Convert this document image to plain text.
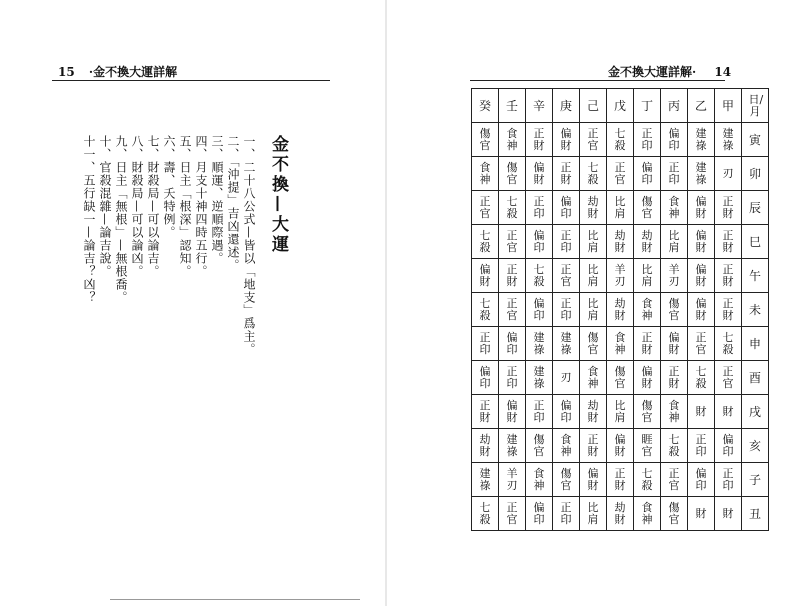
15 ·金不換大運詳解
金不換—大運
一、二十八公式—皆以「地支」爲主。
二、「沖提」吉凶還述。
三、順運、逆順際遇。
四、月支十神四時五行。
五、日主「根深」認知。
六、壽、夭特例。
七、財殺局—可以論吉。
八、財殺局—可以論凶。
九、日主「無根」—無根喬。
十、官殺混雜—論吉說。
十一、五行缺一—論吉？凶？
金不換大運詳解· 14
癸	壬	辛	庚	己	戊	丁	丙	乙	甲	日/月
傷官	食神	正財	偏財	正官	七殺	正印	偏印	建祿	建祿	寅
食神	傷官	偏財	正財	七殺	正官	偏印	正印	建祿	刃	卯
正官	七殺	正印	偏印	劫財	比肩	傷官	食神	偏財	正財	辰
七殺	正官	偏印	正印	比肩	劫財	劫財	比肩	偏財	正財	巳
偏財	正財	七殺	正官	比肩	羊刃	比肩	羊刃	偏財	正財	午
七殺	正官	偏印	正印	比肩	劫財	食神	傷官	偏財	正財	未
正印	偏印	建祿	建祿	傷官	食神	正財	偏財	正官	七殺	申
偏印	正印	建祿	刃	食神	傷官	偏財	正財	七殺	正官	酉
正財	偏財	正印	偏印	劫財	比肩	傷官	食神	財	財	戌
劫財	建祿	傷官	食神	正財	偏財	睚官	七殺	正印	偏印	亥
建祿	羊刃	食神	傷官	偏財	正財	七殺	正官	偏印	正印	子
七殺	正官	偏印	正印	比肩	劫財	食神	傷官	財	財	丑
